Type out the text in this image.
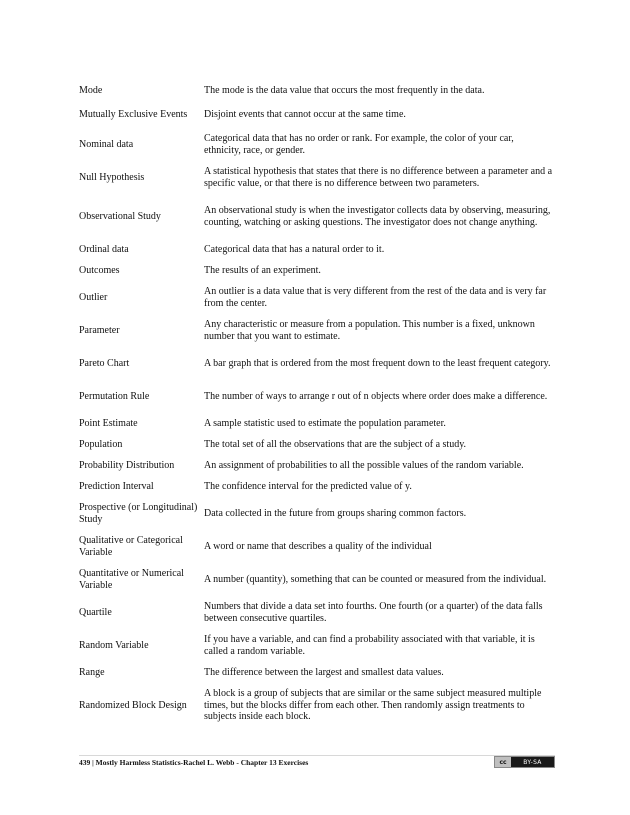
Mode	The mode is the data value that occurs the most frequently in the data.
Mutually Exclusive Events	Disjoint events that cannot occur at the same time.
Nominal data	Categorical data that has no order or rank. For example, the color of your car, ethnicity, race, or gender.
Null Hypothesis	A statistical hypothesis that states that there is no difference between a parameter and a specific value, or that there is no difference between two parameters.
Observational Study	An observational study is when the investigator collects data by observing, measuring, counting, watching or asking questions. The investigator does not change anything.
Ordinal data	Categorical data that has a natural order to it.
Outcomes	The results of an experiment.
Outlier	An outlier is a data value that is very different from the rest of the data and is very far from the center.
Parameter	Any characteristic or measure from a population. This number is a fixed, unknown number that you want to estimate.
Pareto Chart	A bar graph that is ordered from the most frequent down to the least frequent category.
Permutation Rule	The number of ways to arrange r out of n objects where order does make a difference.
Point Estimate	A sample statistic used to estimate the population parameter.
Population	The total set of all the observations that are the subject of a study.
Probability Distribution	An assignment of probabilities to all the possible values of the random variable.
Prediction Interval	The confidence interval for the predicted value of y.
Prospective (or Longitudinal) Study	Data collected in the future from groups sharing common factors.
Qualitative or Categorical Variable	A word or name that describes a quality of the individual
Quantitative or Numerical Variable	A number (quantity), something that can be counted or measured from the individual.
Quartile	Numbers that divide a data set into fourths. One fourth (or a quarter) of the data falls between consecutive quartiles.
Random Variable	If you have a variable, and can find a probability associated with that variable, it is called a random variable.
Range	The difference between the largest and smallest data values.
Randomized Block Design	A block is a group of subjects that are similar or the same subject measured multiple times, but the blocks differ from each other. Then randomly assign treatments to subjects inside each block.
439 | Mostly Harmless Statistics-Rachel L. Webb - Chapter 13 Exercises	cc	BY-SA
